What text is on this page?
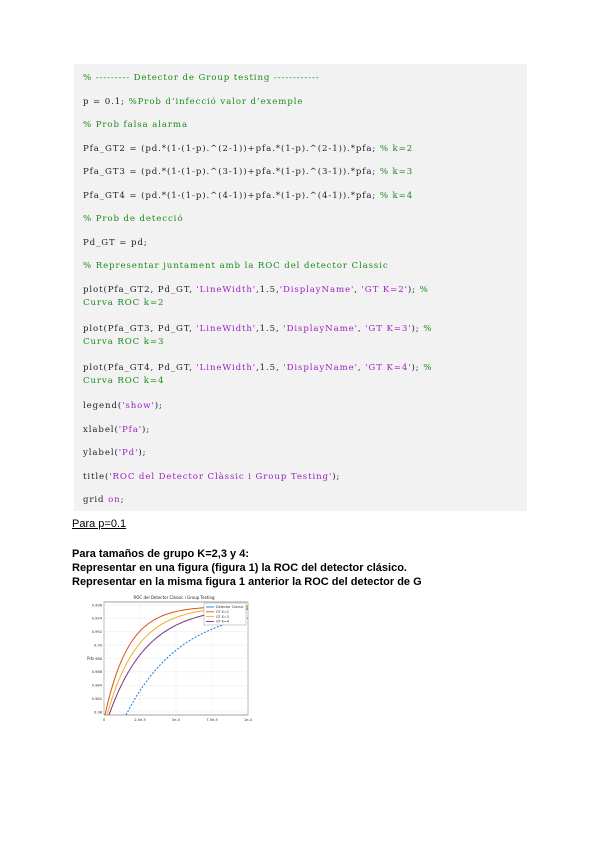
% --------- Detector de Group testing ------------
p = 0.1; %Prob d’infecció valor d’exemple
% Prob falsa alarma
Pfa_GT2 = (pd.*(1-(1-p).^(2-1))+pfa.*(1-p).^(2-1)).*pfa; % k=2
Pfa_GT3 = (pd.*(1-(1-p).^(3-1))+pfa.*(1-p).^(3-1)).*pfa; % k=3
Pfa_GT4 = (pd.*(1-(1-p).^(4-1))+pfa.*(1-p).^(4-1)).*pfa; % k=4
% Prob de detecció
Pd_GT = pd;
% Representar juntament amb la ROC del detector Classic
plot(Pfa_GT2, Pd_GT, 'LineWidth',1.5,'DisplayName', 'GT K=2'); %
Curva ROC k=2
plot(Pfa_GT3, Pd_GT, 'LineWidth',1.5, 'DisplayName', 'GT K=3'); %
Curva ROC k=3
plot(Pfa_GT4, Pd_GT, 'LineWidth',1.5, 'DisplayName', 'GT K=4'); %
Curva ROC k=4
legend('show');
xlabel('Pfa');
ylabel('Pd');
title('ROC del Detector Clàssic i Group Testing');
grid on;
Para p=0.1
Para tamaños de grupo K=2,3 y 4:
Representar en una figura (figura 1) la ROC del detector clásico.
Representar en la misma figura 1 anterior la ROC del detector de G
ROC del Detector Clàssic i Group Testing
0.996
0.994
0.992
0.99
0.988
0.986
0.984
0.982
0.98
0	2.5e-5	5e-5	7.5e-5	1e-4
Pd
Detector Classic
GT K=2
GT K=3
GT K=4
